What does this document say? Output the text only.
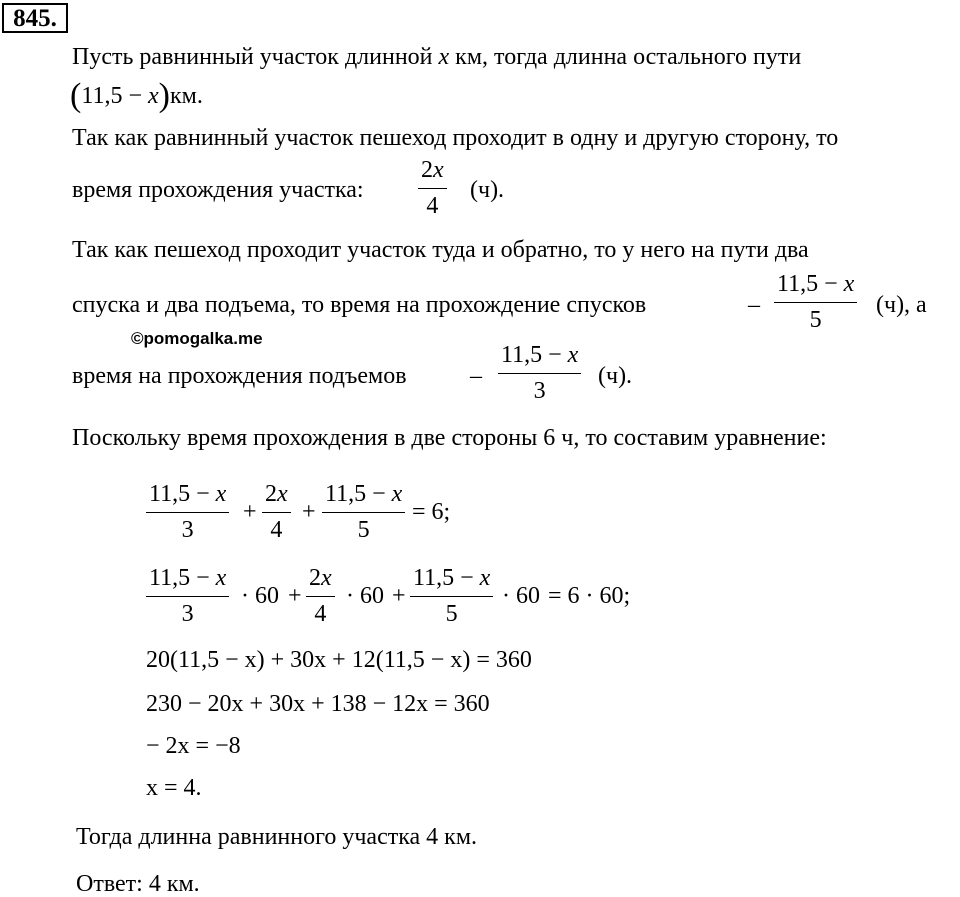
845.
Пусть равнинный участок длинной x км, тогда длинна остального пути
(11,5 − x)км.
Так как равнинный участок пешеход проходит в одну и другую сторону, то
время прохождения участка:
2x
4
(ч).
Так как пешеход проходит участок туда и обратно, то у него на пути два
спуска и два подъема, то время на прохождение спусков	–
11,5 − x
5
(ч), а
©pomogalka.me
время на прохождения подъемов	–
11,5 − x
3
(ч).
Поскольку время прохождения в две стороны 6 ч, то составим уравнение:
11,5 − x
3
+
2x
4
+
11,5 − x
5
= 6;
11,5 − x
3
· 60 +
2x
4
· 60 +
11,5 − x
5
· 60 = 6 · 60;
20(11,5 − x) + 30x + 12(11,5 − x) = 360
230 − 20x + 30x + 138 − 12x = 360
− 2x = −8
x = 4.
Тогда длинна равнинного участка 4 км.
Ответ: 4 км.
